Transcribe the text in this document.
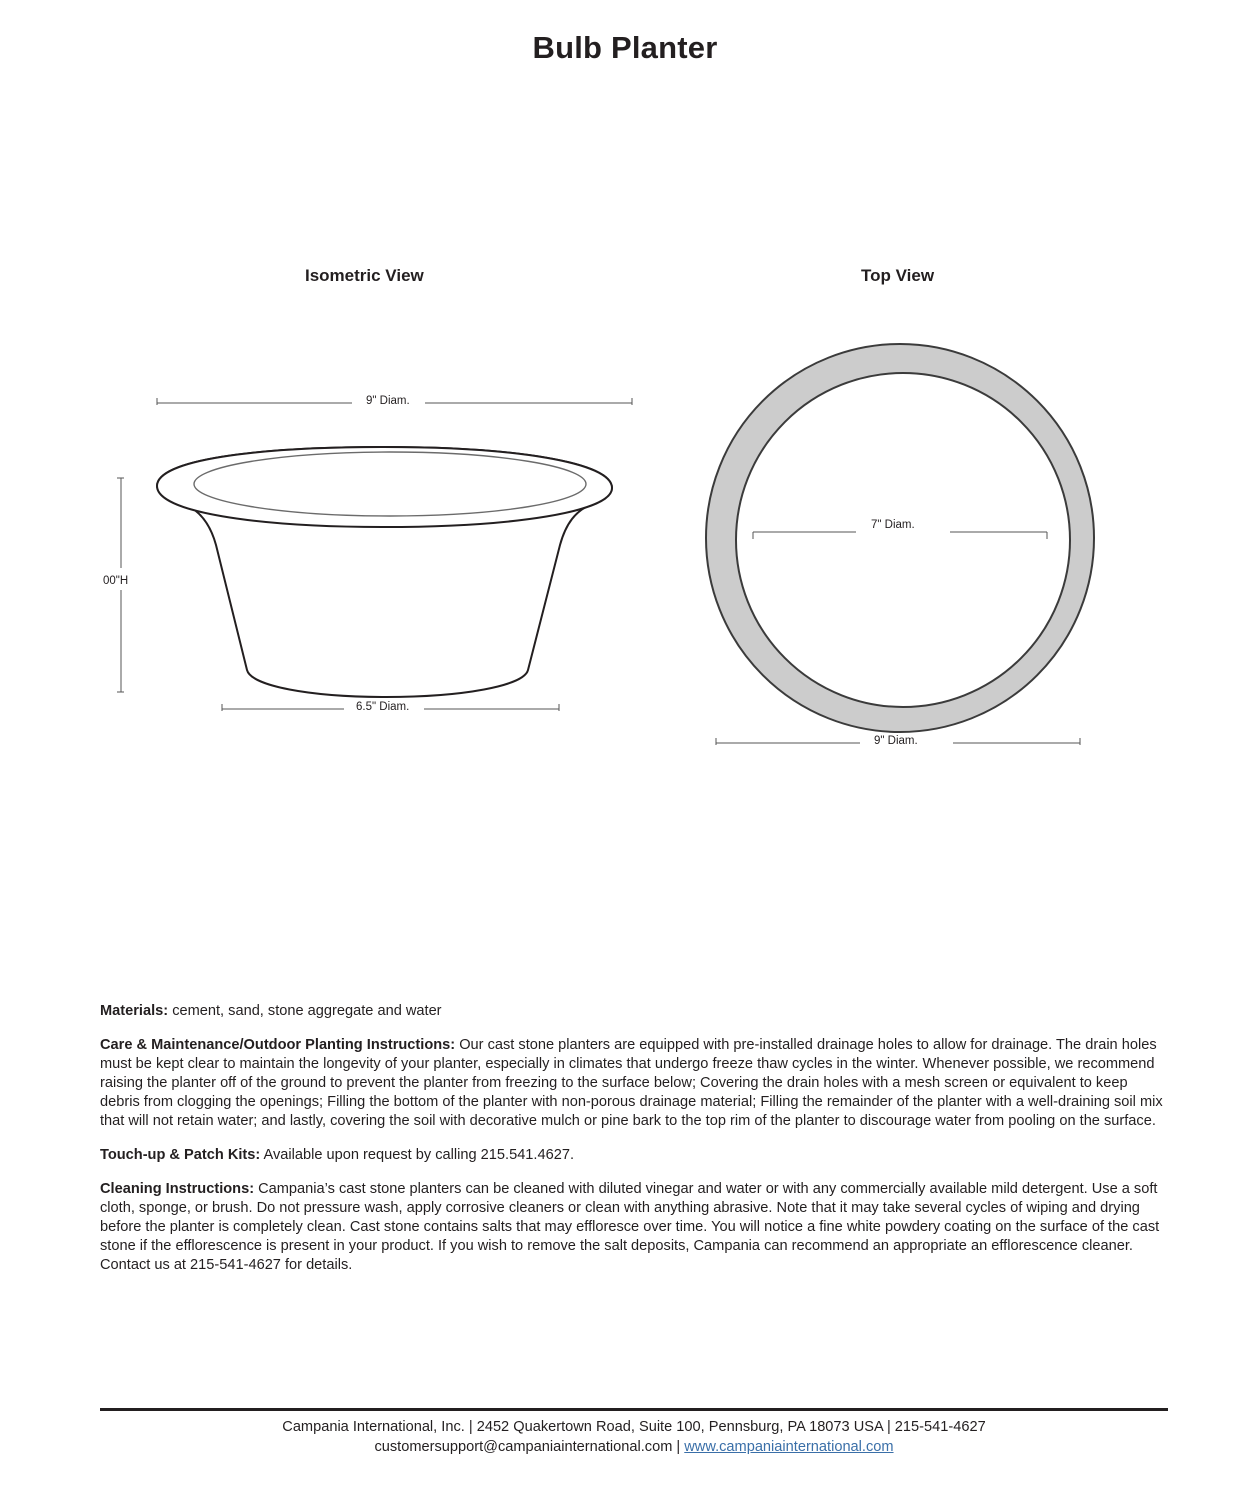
Bulb Planter
Isometric View	Top View
9" Diam.
00"H
6.5" Diam.
7" Diam.
9" Diam.

Materials: cement, sand, stone aggregate and water

Care & Maintenance/Outdoor Planting Instructions: Our cast stone planters are equipped with pre-installed drainage holes to allow for drainage. The drain holes must be kept clear to maintain the longevity of your planter, especially in climates that undergo freeze thaw cycles in the winter. Whenever possible, we recommend raising the planter off of the ground to prevent the planter from freezing to the surface below; Covering the drain holes with a mesh screen or equivalent to keep debris from clogging the openings; Filling the bottom of the planter with non-porous drainage material; Filling the remainder of the planter with a well-draining soil mix that will not retain water; and lastly, covering the soil with decorative mulch or pine bark to the top rim of the planter to discourage water from pooling on the surface.

Touch-up & Patch Kits: Available upon request by calling 215.541.4627.

Cleaning Instructions: Campania’s cast stone planters can be cleaned with diluted vinegar and water or with any commercially available mild detergent. Use a soft cloth, sponge, or brush. Do not pressure wash, apply corrosive cleaners or clean with anything abrasive. Note that it may take several cycles of wiping and drying before the planter is completely clean. Cast stone contains salts that may effloresce over time. You will notice a fine white powdery coating on the surface of the cast stone if the efflorescence is present in your product. If you wish to remove the salt deposits, Campania can recommend an appropriate an efflorescence cleaner. Contact us at 215-541-4627 for details.

Campania International, Inc. | 2452 Quakertown Road, Suite 100, Pennsburg, PA 18073 USA | 215-541-4627
customersupport@campaniainternational.com | www.campaniainternational.com
